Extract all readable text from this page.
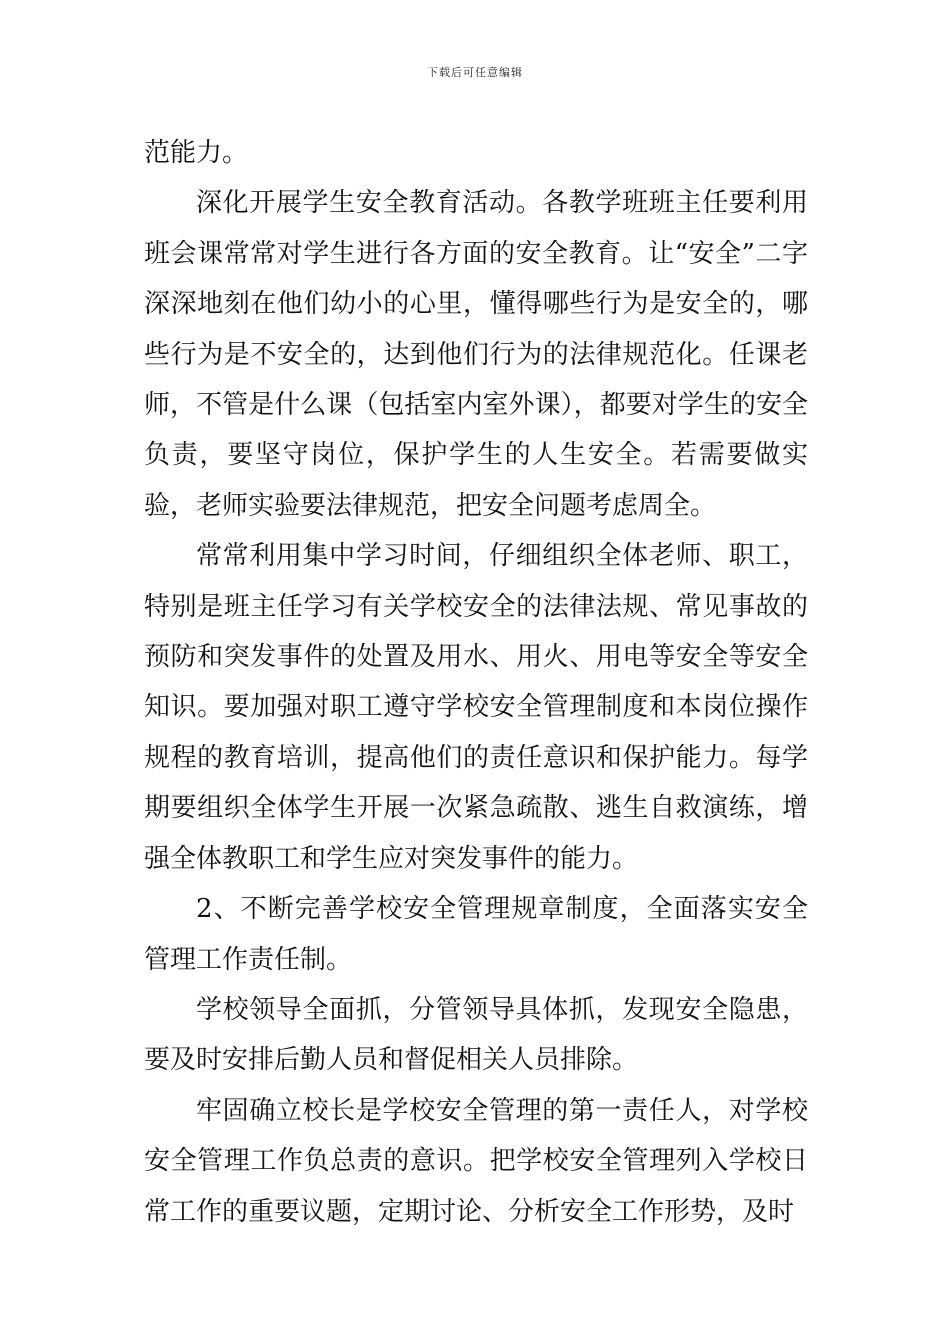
下载后可任意编辑

范能力。

深化开展学生安全教育活动。各教学班班主任要利用班会课常常对学生进行各方面的安全教育。让“安全”二字深深地刻在他们幼小的心里，懂得哪些行为是安全的，哪些行为是不安全的，达到他们行为的法律规范化。任课老师，不管是什么课（包括室内室外课），都要对学生的安全负责，要坚守岗位，保护学生的人生安全。若需要做实验，老师实验要法律规范，把安全问题考虑周全。

常常利用集中学习时间，仔细组织全体老师、职工，特别是班主任学习有关学校安全的法律法规、常见事故的预防和突发事件的处置及用水、用火、用电等安全等安全知识。要加强对职工遵守学校安全管理制度和本岗位操作规程的教育培训，提高他们的责任意识和保护能力。每学期要组织全体学生开展一次紧急疏散、逃生自救演练，增强全体教职工和学生应对突发事件的能力。

2、不断完善学校安全管理规章制度，全面落实安全管理工作责任制。

学校领导全面抓，分管领导具体抓，发现安全隐患，要及时安排后勤人员和督促相关人员排除。

牢固确立校长是学校安全管理的第一责任人，对学校安全管理工作负总责的意识。把学校安全管理列入学校日常工作的重要议题，定期讨论、分析安全工作形势，及时
